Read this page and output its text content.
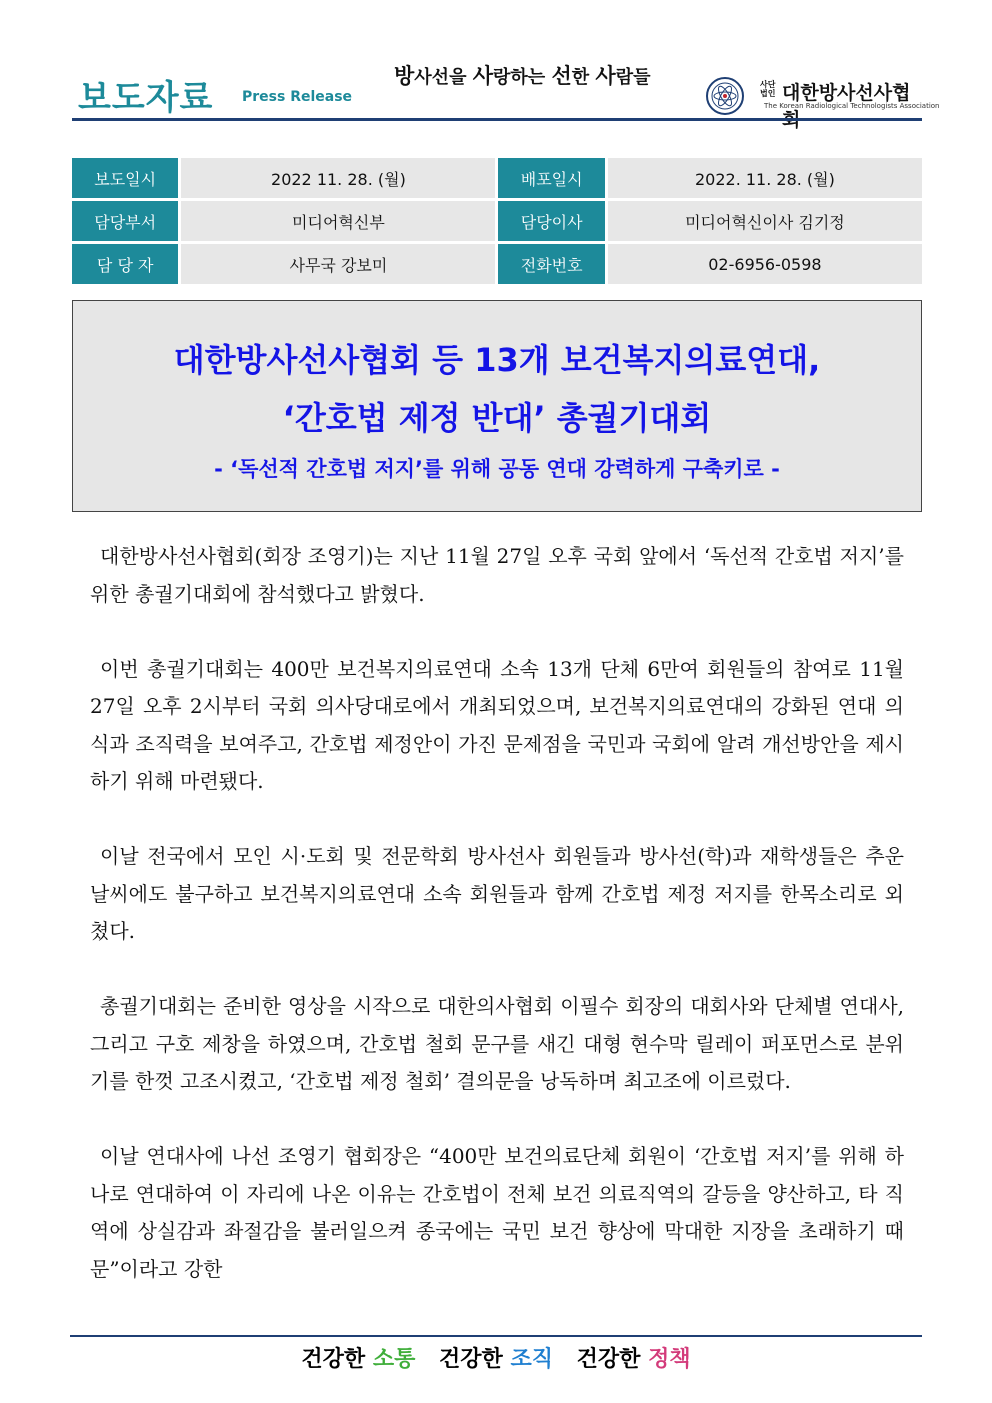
보도자료 Press Release
방사선을 사랑하는 선한 사람들	사단 법인 대한방사선사협
The Korean Radiological Technologists Association
보도일시		2022 11. 28. (월)		배포일시		2022. 11. 28. (월)
담당부서		미디어혁신부		담당이사		미디어혁신이사 김기정
담 당 자		사무국 강보미		전화번호		02-6956-0598
대한방사선사협회 등 13개 보건복지의료연대,
‘간호법 제정 반대’ 총궐기대회
- ‘독선적 간호법 저지’를 위해 공동 연대 강력하게 구축키로 -

대한방사선사협회(회장 조영기)는 지난 11월 27일 오후 국회 앞에서 ‘독선적 간호법 저지’를 위한 총궐기대회에 참석했다고 밝혔다.

이번 총궐기대회는 400만 보건복지의료연대 소속 13개 단체 6만여 회원들의 참여로 11월 27일 오후 2시부터 국회 의사당대로에서 개최되었으며, 보건복지의료연대의 강화된 연대 의식과 조직력을 보여주고, 간호법 제정안이 가진 문제점을 국민과 국회에 알려 개선방안을 제시하기 위해 마련됐다.

이날 전국에서 모인 시·도회 및 전문학회 방사선사 회원들과 방사선(학)과 재학생들은 추운 날씨에도 불구하고 보건복지의료연대 소속 회원들과 함께 간호법 제정 저지를 한목소리로 외쳤다.

총궐기대회는 준비한 영상을 시작으로 대한의사협회 이필수 회장의 대회사와 단체별 연대사, 그리고 구호 제창을 하였으며, 간호법 철회 문구를 새긴 대형 현수막 릴레이 퍼포먼스로 분위기를 한껏 고조시켰고, ‘간호법 제정 철회’ 결의문을 낭독하며 최고조에 이르렀다.

이날 연대사에 나선 조영기 협회장은 “400만 보건의료단체 회원이 ‘간호법 저지’를 위해 하나로 연대하여 이 자리에 나온 이유는 간호법이 전체 보건 의료직역의 갈등을 양산하고, 타 직역에 상실감과 좌절감을 불러일으켜 종국에는 국민 보건 향상에 막대한 지장을 초래하기 때문”이라고 강한

건강한 소통 건강한 조직 건강한 정책
